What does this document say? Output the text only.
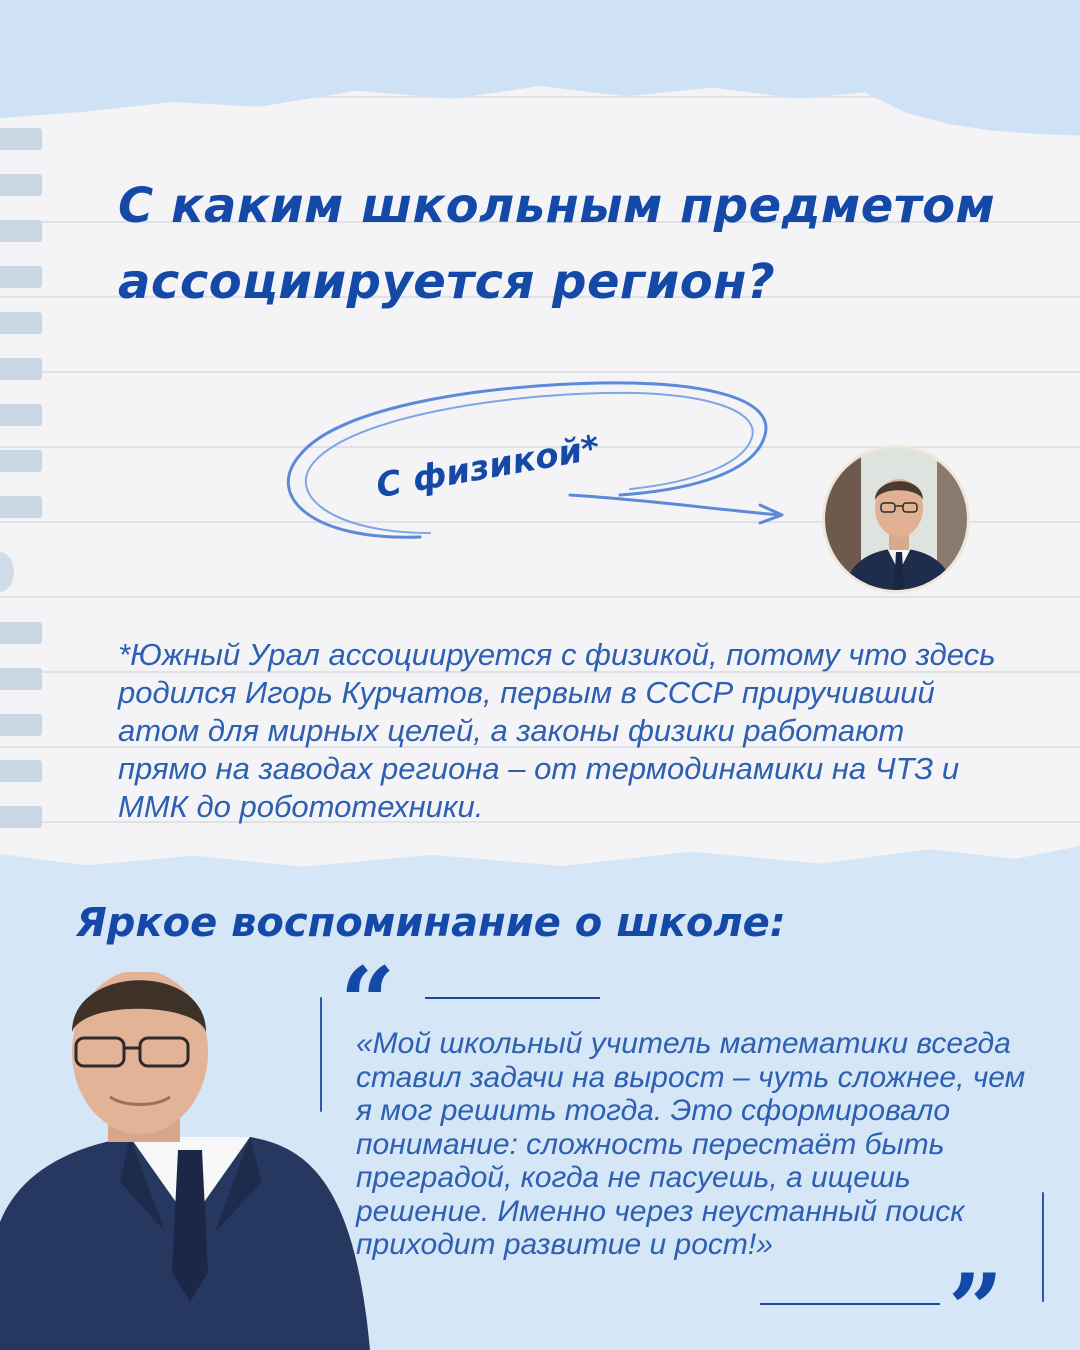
С каким школьным предметом ассоциируется регион?
С физикой*
*Южный Урал ассоциируется с физикой, потому что здесь родился Игорь Курчатов, первым в СССР приручивший атом для мирных целей, а законы физики работают прямо на заводах региона – от термодинамики на ЧТЗ и ММК до робототехники.
Яркое воспоминание о школе:
“
«Мой школьный учитель математики всегда ставил задачи на вырост – чуть сложнее, чем я мог решить тогда. Это сформировало понимание: сложность перестаёт быть преградой, когда не пасуешь, а ищешь решение. Именно через неустанный поиск приходит развитие и рост!»
”
